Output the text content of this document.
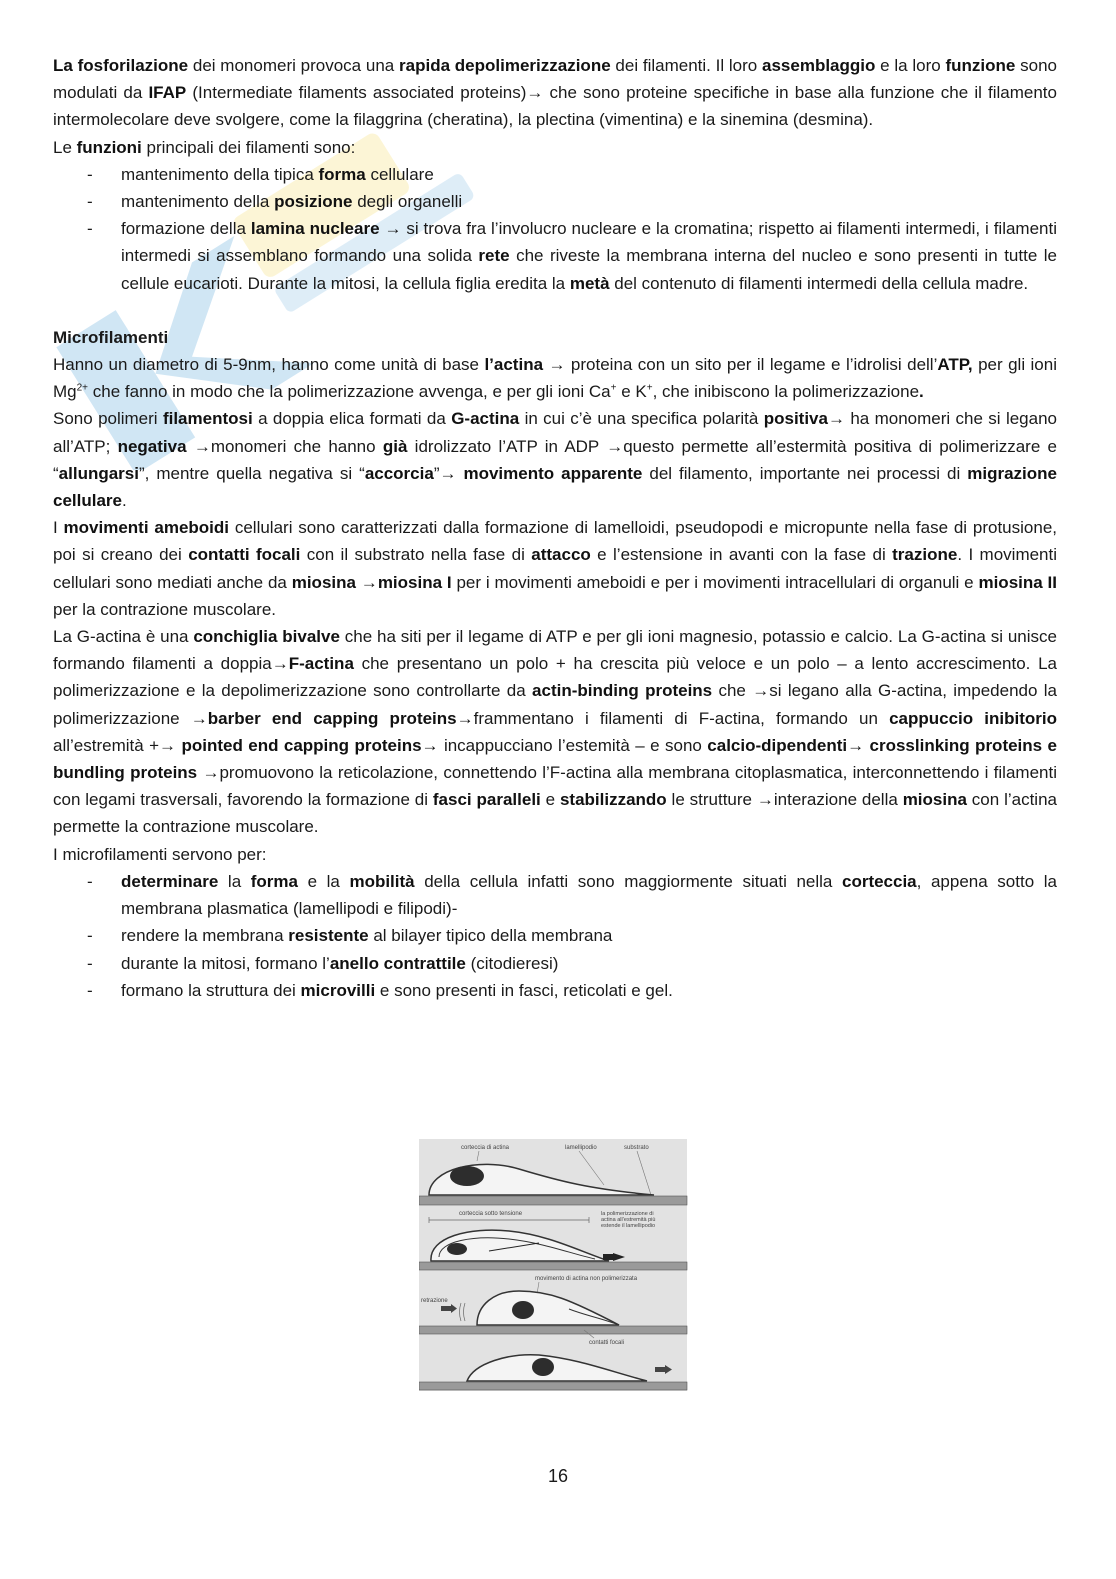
La fosforilazione dei monomeri provoca una rapida depolimerizzazione dei filamenti. Il loro assemblaggio e la loro funzione sono modulati da IFAP (Intermediate filaments associated proteins)→ che sono proteine specifiche in base alla funzione che il filamento intermolecolare deve svolgere, come la filaggrina (cheratina), la plectina (vimentina) e la sinemina (desmina).

Le funzioni principali dei filamenti sono:

- mantenimento della tipica forma cellulare
- mantenimento della posizione degli organelli
- formazione della lamina nucleare → si trova fra l’involucro nucleare e la cromatina; rispetto ai filamenti intermedi, i filamenti intermedi si assemblano formando una solida rete che riveste la membrana interna del nucleo e sono presenti in tutte le cellule eucarioti. Durante la mitosi, la cellula figlia eredita la metà del contenuto di filamenti intermedi della cellula madre.

Microfilamenti

Hanno un diametro di 5-9nm, hanno come unità di base l’actina → proteina con un sito per il legame e l’idrolisi dell’ATP, per gli ioni $Mg^{2+}$ che fanno in modo che la polimerizzazione avvenga, e per gli ioni Ca+ e K+, che inibiscono la polimerizzazione.

Sono polimeri filamentosi a doppia elica formati da G-actina in cui c’è una specifica polarità positiva→ ha monomeri che si legano all’ATP; negativa →monomeri che hanno già idrolizzato l’ATP in ADP →questo permette all’estermità positiva di polimerizzare e “allungarsi”, mentre quella negativa si “accorcia”→ movimento apparente del filamento, importante nei processi di migrazione cellulare.

I movimenti ameboidi cellulari sono caratterizzati dalla formazione di lamelloidi, pseudopodi e micropunte nella fase di protusione, poi si creano dei contatti focali con il substrato nella fase di attacco e l’estensione in avanti con la fase di trazione. I movimenti cellulari sono mediati anche da miosina →miosina I per i movimenti ameboidi e per i movimenti intracellulari di organuli e miosina II per la contrazione muscolare.

La G-actina è una conchiglia bivalve che ha siti per il legame di ATP e per gli ioni magnesio, potassio e calcio. La G-actina si unisce formando filamenti a doppia→F-actina che presentano un polo + ha crescita più veloce e un polo – a lento accrescimento. La polimerizzazione e la depolimerizzazione sono controllarte da actin-binding proteins che →si legano alla G-actina, impedendo la polimerizzazione →barber end capping proteins→frammentano i filamenti di F-actina, formando un cappuccio inibitorio all’estremità +→ pointed end capping proteins→ incappucciano l’estemità – e sono calcio-dipendenti→ crosslinking proteins e bundling proteins →promuovono la reticolazione, connettendo l’F-actina alla membrana citoplasmatica, interconnettendo i filamenti con legami trasversali, favorendo la formazione di fasci paralleli e stabilizzando le strutture →interazione della miosina con l’actina permette la contrazione muscolare.

I microfilamenti servono per:

- determinare la forma e la mobilità della cellula infatti sono maggiormente situati nella corteccia, appena sotto la membrana plasmatica (lamellipodi e filipodi)-
- rendere la membrana resistente al bilayer tipico della membrana
- durante la mitosi, formano l’anello contrattile (citodieresi)
- formano la struttura dei microvilli e sono presenti in fasci, reticolati e gel.
corteccia di actina	lamellipodio	substrato
corteccia sotto tensione	la polimerizzazione di actina all’estremità più estende il lamellipodio
movimento di actina non polimerizzata
retrazione
contatti focali
16
